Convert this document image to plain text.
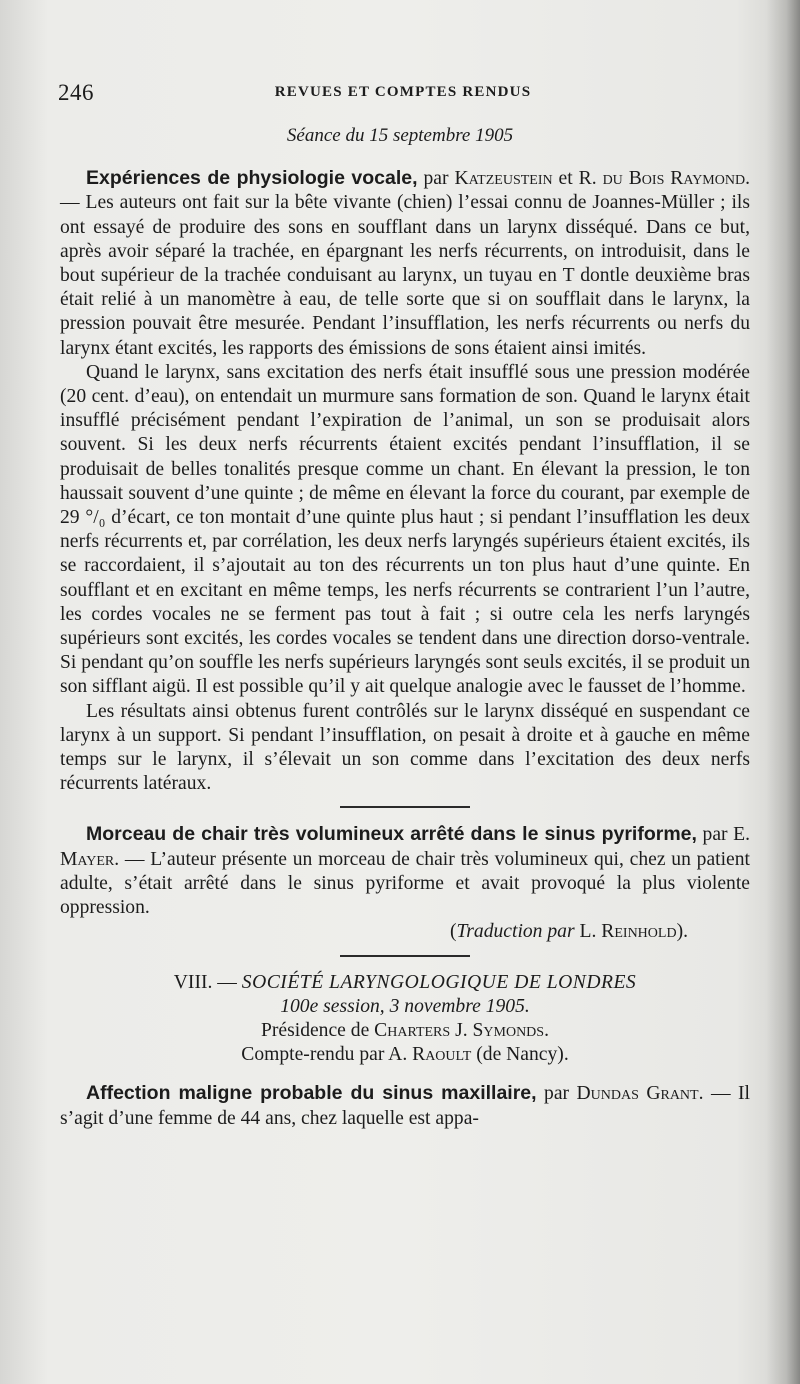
246	REVUES ET COMPTES RENDUS
Séance du 15 septembre 1905

Expériences de physiologie vocale, par Katzeustein et R. du Bois Raymond. — Les auteurs ont fait sur la bête vivante (chien) l’essai connu de Joannes-Müller ; ils ont essayé de produire des sons en soufflant dans un larynx disséqué. Dans ce but, après avoir séparé la trachée, en épargnant les nerfs récurrents, on introduisit, dans le bout supérieur de la trachée conduisant au larynx, un tuyau en T dontle deuxième bras était relié à un manomètre à eau, de telle sorte que si on soufflait dans le larynx, la pression pouvait être mesurée. Pendant l’insufflation, les nerfs récurrents ou nerfs du larynx étant excités, les rapports des émissions de sons étaient ainsi imités.

Quand le larynx, sans excitation des nerfs était insufflé sous une pression modérée (20 cent. d’eau), on entendait un murmure sans formation de son. Quand le larynx était insufflé précisément pendant l’expiration de l’animal, un son se produisait alors souvent. Si les deux nerfs récurrents étaient excités pendant l’insufflation, il se produisait de belles tonalités presque comme un chant. En élevant la pression, le ton haussait souvent d’une quinte ; de même en élevant la force du courant, par exemple de 29 °/₀ d’écart, ce ton montait d’une quinte plus haut ; si pendant l’insufflation les deux nerfs récurrents et, par corrélation, les deux nerfs laryngés supérieurs étaient excités, ils se raccordaient, il s’ajoutait au ton des récurrents un ton plus haut d’une quinte. En soufflant et en excitant en même temps, les nerfs récurrents se contrarient l’un l’autre, les cordes vocales ne se ferment pas tout à fait ; si outre cela les nerfs laryngés supérieurs sont excités, les cordes vocales se tendent dans une direction dorso-ventrale. Si pendant qu’on souffle les nerfs supérieurs laryngés sont seuls excités, il se produit un son sifflant aigü. Il est possible qu’il y ait quelque analogie avec le fausset de l’homme.

Les résultats ainsi obtenus furent contrôlés sur le larynx disséqué en suspendant ce larynx à un support. Si pendant l’insufflation, on pesait à droite et à gauche en même temps sur le larynx, il s’élevait un son comme dans l’excitation des deux nerfs récurrents latéraux.

Morceau de chair très volumineux arrêté dans le sinus pyriforme, par E. Mayer. — L’auteur présente un morceau de chair très volumineux qui, chez un patient adulte, s’était arrêté dans le sinus pyriforme et avait provoqué la plus violente oppression.

(Traduction par L. Reinhold).

VIII. — SOCIÉTÉ LARYNGOLOGIQUE DE LONDRES
100e session, 3 novembre 1905.
Présidence de Charters J. Symonds.
Compte-rendu par A. Raoult (de Nancy).

Affection maligne probable du sinus maxillaire, par Dundas Grant. — Il s’agit d’une femme de 44 ans, chez laquelle est appa-
